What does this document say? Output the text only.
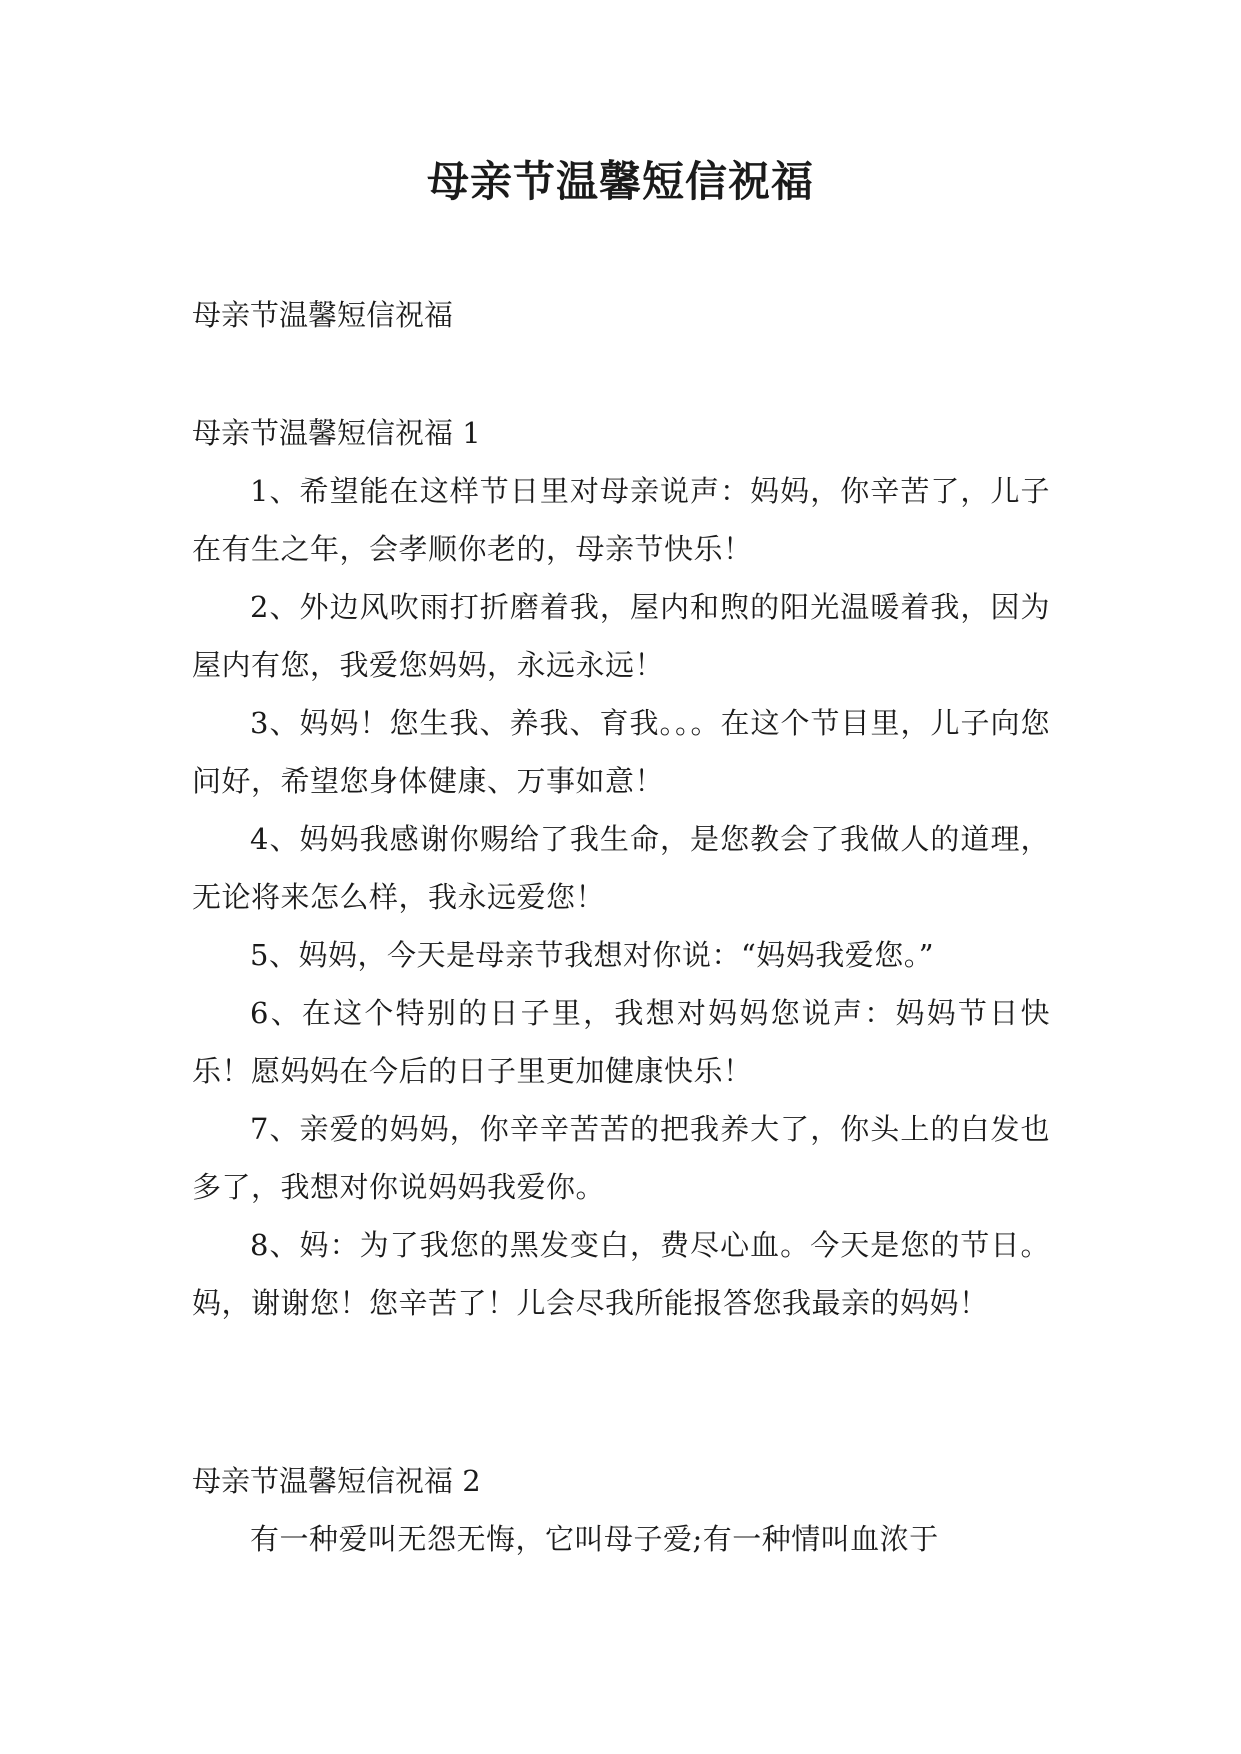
母亲节温馨短信祝福
母亲节温馨短信祝福

母亲节温馨短信祝福 1

1、希望能在这样节日里对母亲说声：妈妈，你辛苦了，儿子在有生之年，会孝顺你老的，母亲节快乐！

2、外边风吹雨打折磨着我，屋内和煦的阳光温暖着我，因为屋内有您，我爱您妈妈，永远永远！

3、妈妈！您生我、养我、育我。。。在这个节目里，儿子向您问好，希望您身体健康、万事如意！

4、妈妈我感谢你赐给了我生命，是您教会了我做人的道理，无论将来怎么样，我永远爱您！

5、妈妈，今天是母亲节我想对你说：“妈妈我爱您。”

6、在这个特别的日子里，我想对妈妈您说声：妈妈节日快乐！愿妈妈在今后的日子里更加健康快乐！

7、亲爱的妈妈，你辛辛苦苦的把我养大了，你头上的白发也多了，我想对你说妈妈我爱你。

8、妈：为了我您的黑发变白，费尽心血。今天是您的节日。妈，谢谢您！您辛苦了！儿会尽我所能报答您我最亲的妈妈！

母亲节温馨短信祝福 2

有一种爱叫无怨无悔，它叫母子爱;有一种情叫血浓于
